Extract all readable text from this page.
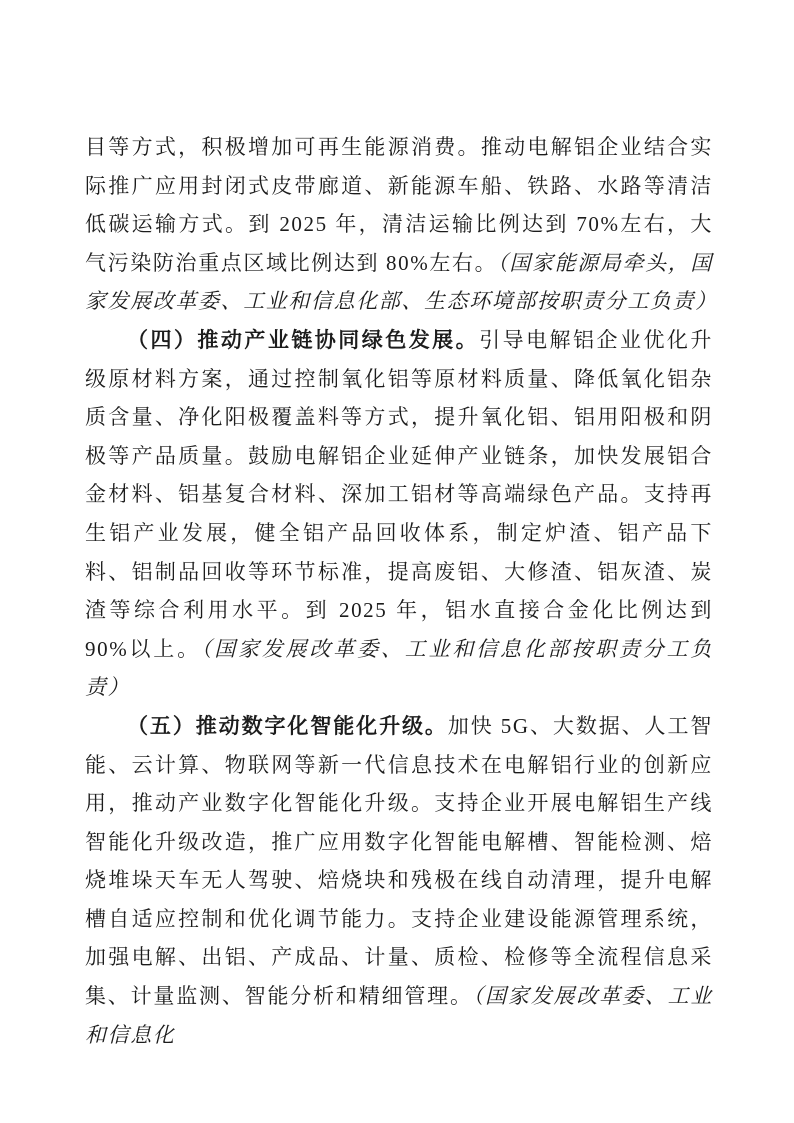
目等方式，积极增加可再生能源消费。推动电解铝企业结合实际推广应用封闭式皮带廊道、新能源车船、铁路、水路等清洁低碳运输方式。到 2025 年，清洁运输比例达到 70%左右，大气污染防治重点区域比例达到 80%左右。（国家能源局牵头，国家发展改革委、工业和信息化部、生态环境部按职责分工负责）

（四）推动产业链协同绿色发展。引导电解铝企业优化升级原材料方案，通过控制氧化铝等原材料质量、降低氧化铝杂质含量、净化阳极覆盖料等方式，提升氧化铝、铝用阳极和阴极等产品质量。鼓励电解铝企业延伸产业链条，加快发展铝合金材料、铝基复合材料、深加工铝材等高端绿色产品。支持再生铝产业发展，健全铝产品回收体系，制定炉渣、铝产品下料、铝制品回收等环节标准，提高废铝、大修渣、铝灰渣、炭渣等综合利用水平。到 2025 年，铝水直接合金化比例达到 90%以上。（国家发展改革委、工业和信息化部按职责分工负责）

（五）推动数字化智能化升级。加快 5G、大数据、人工智能、云计算、物联网等新一代信息技术在电解铝行业的创新应用，推动产业数字化智能化升级。支持企业开展电解铝生产线智能化升级改造，推广应用数字化智能电解槽、智能检测、焙烧堆垛天车无人驾驶、焙烧块和残极在线自动清理，提升电解槽自适应控制和优化调节能力。支持企业建设能源管理系统，加强电解、出铝、产成品、计量、质检、检修等全流程信息采集、计量监测、智能分析和精细管理。（国家发展改革委、工业和信息化
